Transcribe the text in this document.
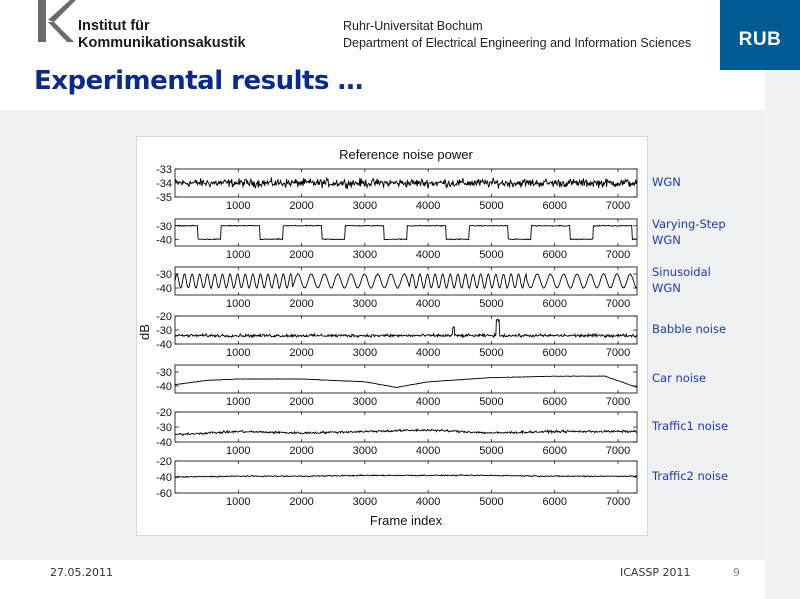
Institut für
Kommunikationsakustik
Ruhr-Universitat Bochum
Department of Electrical Engineering and Information Sciences	RUB
Experimental results …
Reference noise power
Frame index
dB
-33
-34
-35
1000	2000	3000	4000	5000	6000	7000
-30
-40
1000	2000	3000	4000	5000	6000	7000
-30
-40
1000	2000	3000	4000	5000	6000	7000
-20
-30
-40
1000	2000	3000	4000	5000	6000	7000
-30
-40
1000	2000	3000	4000	5000	6000	7000
-20
-30
-40
1000	2000	3000	4000	5000	6000	7000
-20
-40
-60
1000	2000	3000	4000	5000	6000	7000
WGN
Varying-Step
WGN
Sinusoidal
WGN
Babble noise
Car noise
Traffic1 noise
Traffic2 noise
27.05.2011	ICASSP 2011	9
